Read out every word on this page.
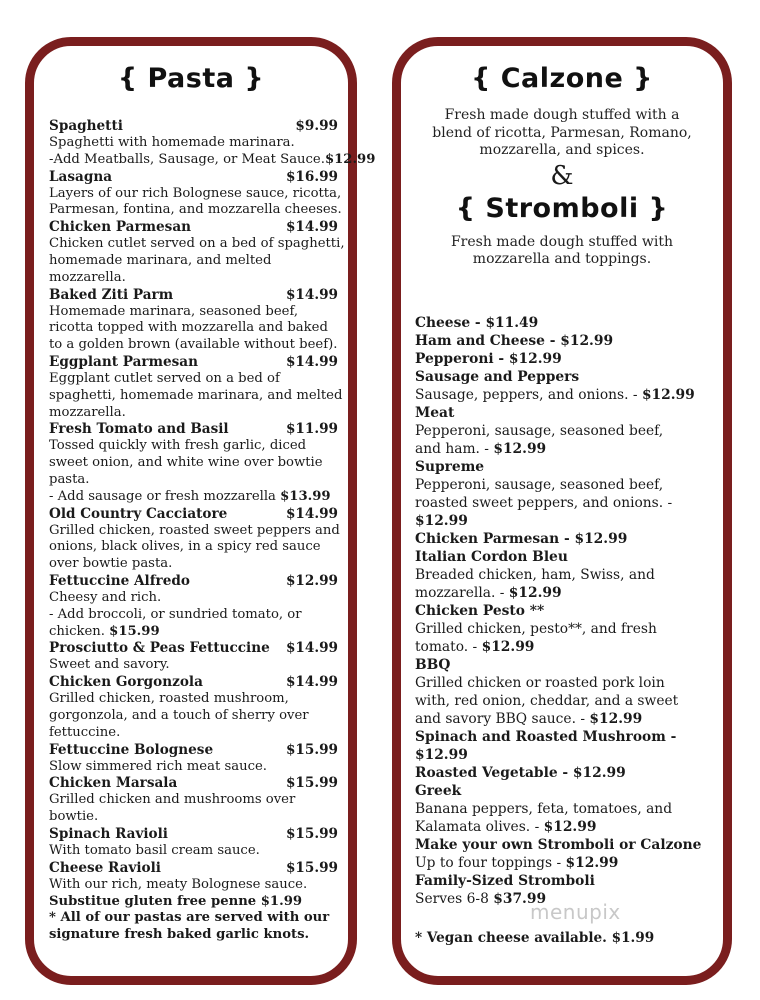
{ Pasta }
Spaghetti	$9.99
Spaghetti with homemade marinara.
-Add Meatballs, Sausage, or Meat Sauce.$12.99
Lasagna	$16.99
Layers of our rich Bolognese sauce, ricotta,
Parmesan, fontina, and mozzarella cheeses.
Chicken Parmesan	$14.99
Chicken cutlet served on a bed of spaghetti,
homemade marinara, and melted
mozzarella.
Baked Ziti Parm	$14.99
Homemade marinara, seasoned beef,
ricotta topped with mozzarella and baked
to a golden brown (available without beef).
Eggplant Parmesan	$14.99
Eggplant cutlet served on a bed of
spaghetti, homemade marinara, and melted
mozzarella.
Fresh Tomato and Basil	$11.99
Tossed quickly with fresh garlic, diced
sweet onion, and white wine over bowtie
pasta.
- Add sausage or fresh mozzarella $13.99
Old Country Cacciatore	$14.99
Grilled chicken, roasted sweet peppers and
onions, black olives, in a spicy red sauce
over bowtie pasta.
Fettuccine Alfredo	$12.99
Cheesy and rich.
- Add broccoli, or sundried tomato, or
chicken. $15.99
Prosciutto & Peas Fettuccine $14.99
Sweet and savory.
Chicken Gorgonzola	$14.99
Grilled chicken, roasted mushroom,
gorgonzola, and a touch of sherry over
fettuccine.
Fettuccine Bolognese	$15.99
Slow simmered rich meat sauce.
Chicken Marsala	$15.99
Grilled chicken and mushrooms over
bowtie.
Spinach Ravioli	$15.99
With tomato basil cream sauce.
Cheese Ravioli	$15.99
With our rich, meaty Bolognese sauce.
Substitue gluten free penne $1.99
* All of our pastas are served with our
signature fresh baked garlic knots.
{ Calzone }
Fresh made dough stuffed with a
blend of ricotta, Parmesan, Romano,
mozzarella, and spices.
&
{ Stromboli }
Fresh made dough stuffed with
mozzarella and toppings.
Cheese - $11.49
Ham and Cheese - $12.99
Pepperoni - $12.99
Sausage and Peppers
Sausage, peppers, and onions. - $12.99
Meat
Pepperoni, sausage, seasoned beef,
and ham. - $12.99
Supreme
Pepperoni, sausage, seasoned beef,
roasted sweet peppers, and onions. -
$12.99
Chicken Parmesan - $12.99
Italian Cordon Bleu
Breaded chicken, ham, Swiss, and
mozzarella. - $12.99
Chicken Pesto **
Grilled chicken, pesto**, and fresh
tomato. - $12.99
BBQ
Grilled chicken or roasted pork loin
with, red onion, cheddar, and a sweet
and savory BBQ sauce. - $12.99
Spinach and Roasted Mushroom -
$12.99
Roasted Vegetable - $12.99
Greek
Banana peppers, feta, tomatoes, and
Kalamata olives. - $12.99
Make your own Stromboli or Calzone
Up to four toppings - $12.99
Family-Sized Stromboli
Serves 6-8 $37.99
menupix
* Vegan cheese available. $1.99
